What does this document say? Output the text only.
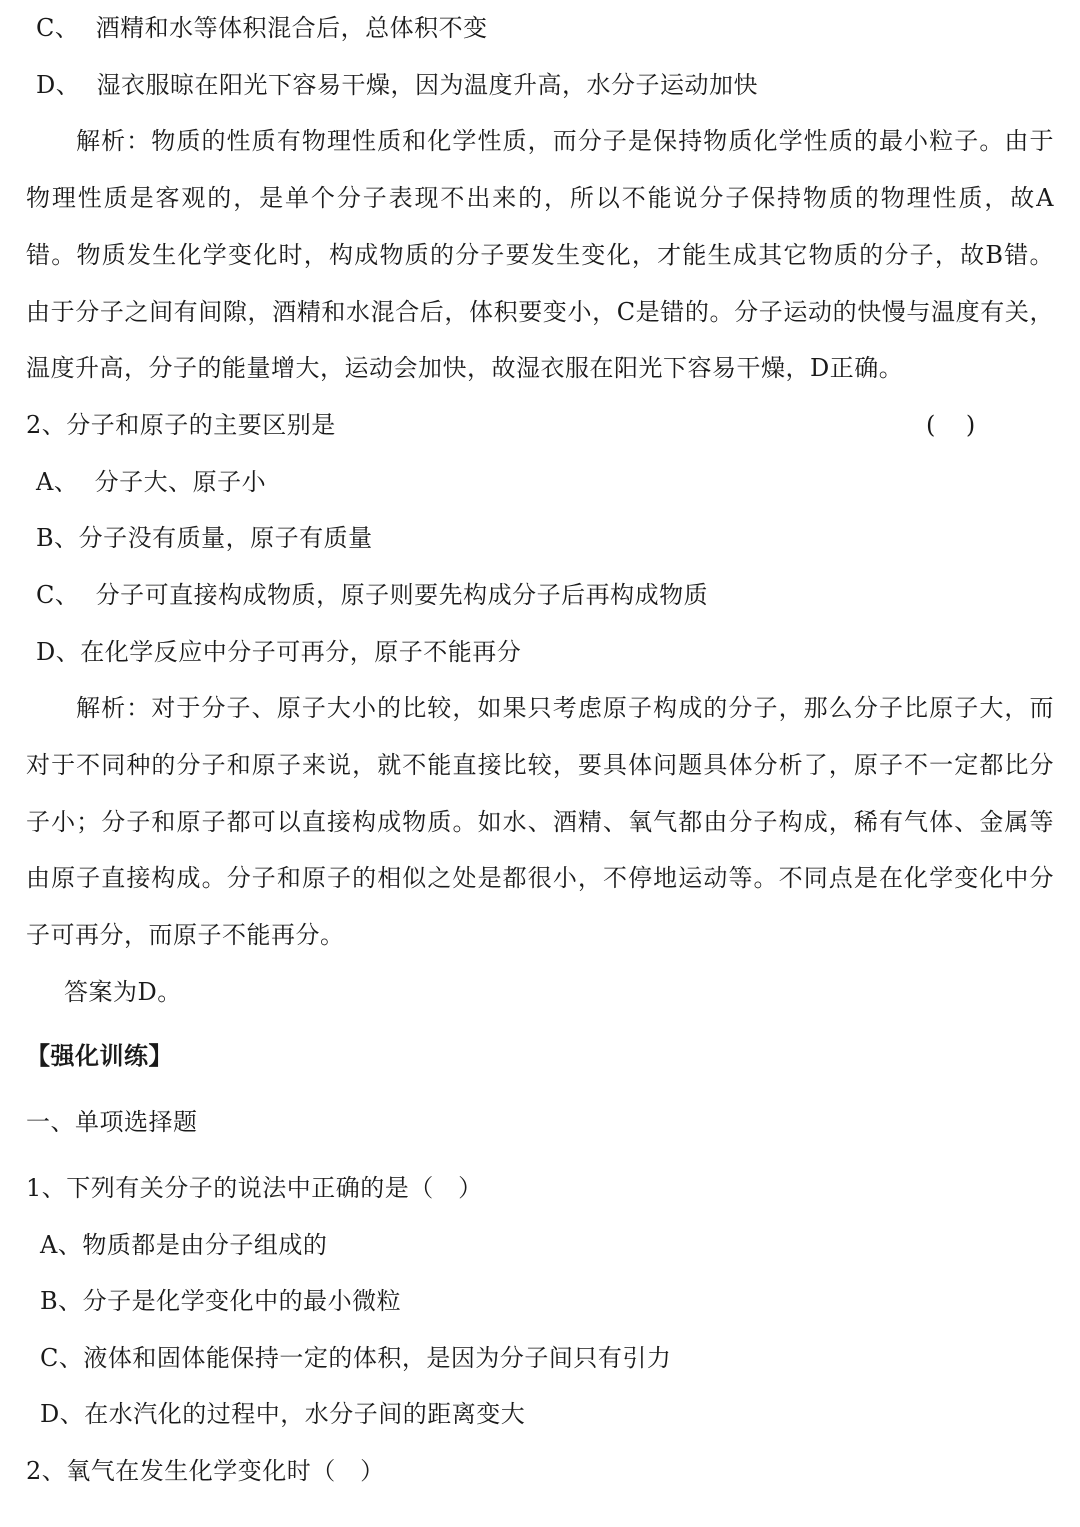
C、  酒精和水等体积混合后，总体积不变
D、  湿衣服晾在阳光下容易干燥，因为温度升高，水分子运动加快
解析：物质的性质有物理性质和化学性质，而分子是保持物质化学性质的最小粒子。由于
物理性质是客观的，是单个分子表现不出来的，所以不能说分子保持物质的物理性质，故A
错。物质发生化学变化时，构成物质的分子要发生变化，才能生成其它物质的分子，故B错。
由于分子之间有间隙，酒精和水混合后，体积要变小，C是错的。分子运动的快慢与温度有关，
温度升高，分子的能量增大，运动会加快，故湿衣服在阳光下容易干燥，D正确。
2、分子和原子的主要区别是	(    )
A、  分子大、原子小
B、分子没有质量，原子有质量
C、  分子可直接构成物质，原子则要先构成分子后再构成物质
D、在化学反应中分子可再分，原子不能再分
解析：对于分子、原子大小的比较，如果只考虑原子构成的分子，那么分子比原子大，而
对于不同种的分子和原子来说，就不能直接比较，要具体问题具体分析了，原子不一定都比分
子小；分子和原子都可以直接构成物质。如水、酒精、氧气都由分子构成，稀有气体、金属等
由原子直接构成。分子和原子的相似之处是都很小，不停地运动等。不同点是在化学变化中分
子可再分，而原子不能再分。
答案为D。
【强化训练】
一、单项选择题
1、下列有关分子的说法中正确的是（   ）
A、物质都是由分子组成的
B、分子是化学变化中的最小微粒
C、液体和固体能保持一定的体积，是因为分子间只有引力
D、在水汽化的过程中，水分子间的距离变大
2、氧气在发生化学变化时（   ）
